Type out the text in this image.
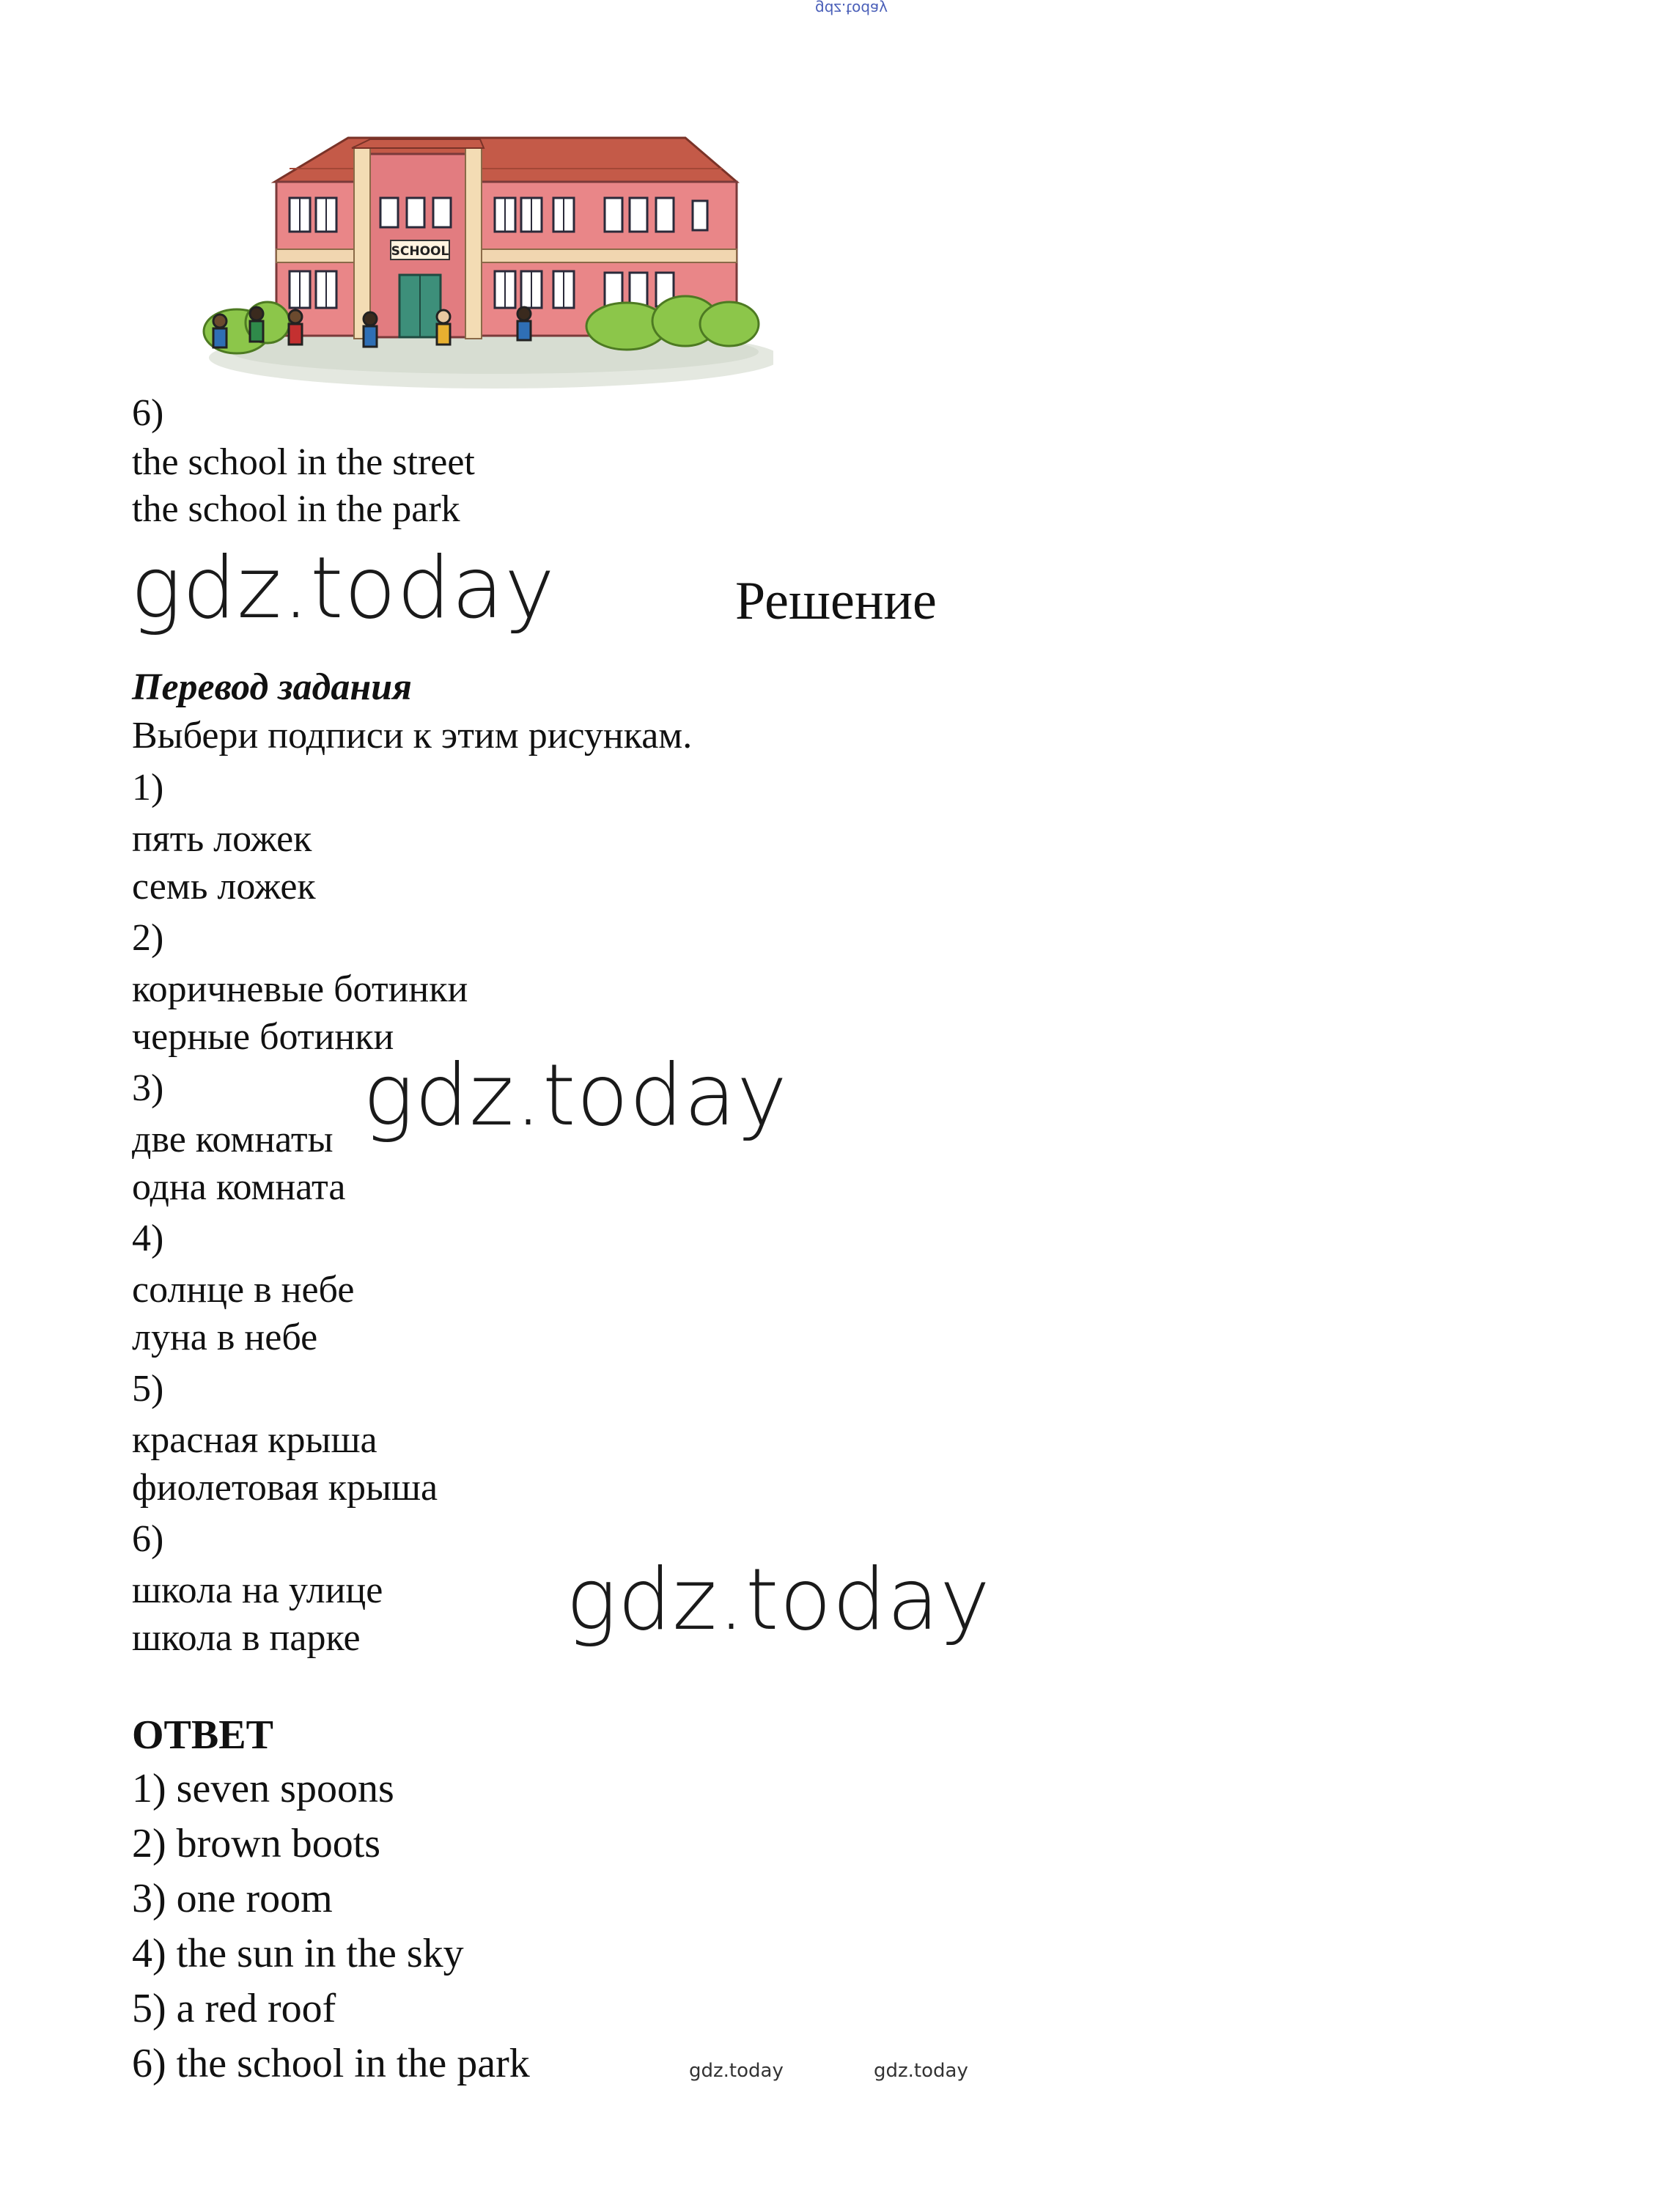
gdz.today
SCHOOL
6)
the school in the street
the school in the park
gdz.today	Решение
Перевод задания
Выбери подписи к этим рисункам.
1)
пять ложек
семь ложек
2)
коричневые ботинки
черные ботинки
3)
две комнаты
одна комната
4)
солнце в небе
луна в небе
5)
красная крыша
фиолетовая крыша
6)
школа на улице
школа в парке
gdz.today
gdz.today
ОТВЕТ
1) seven spoons
2) brown boots
3) one room
4) the sun in the sky
5) a red roof
6) the school in the park	gdz.today	gdz.today
